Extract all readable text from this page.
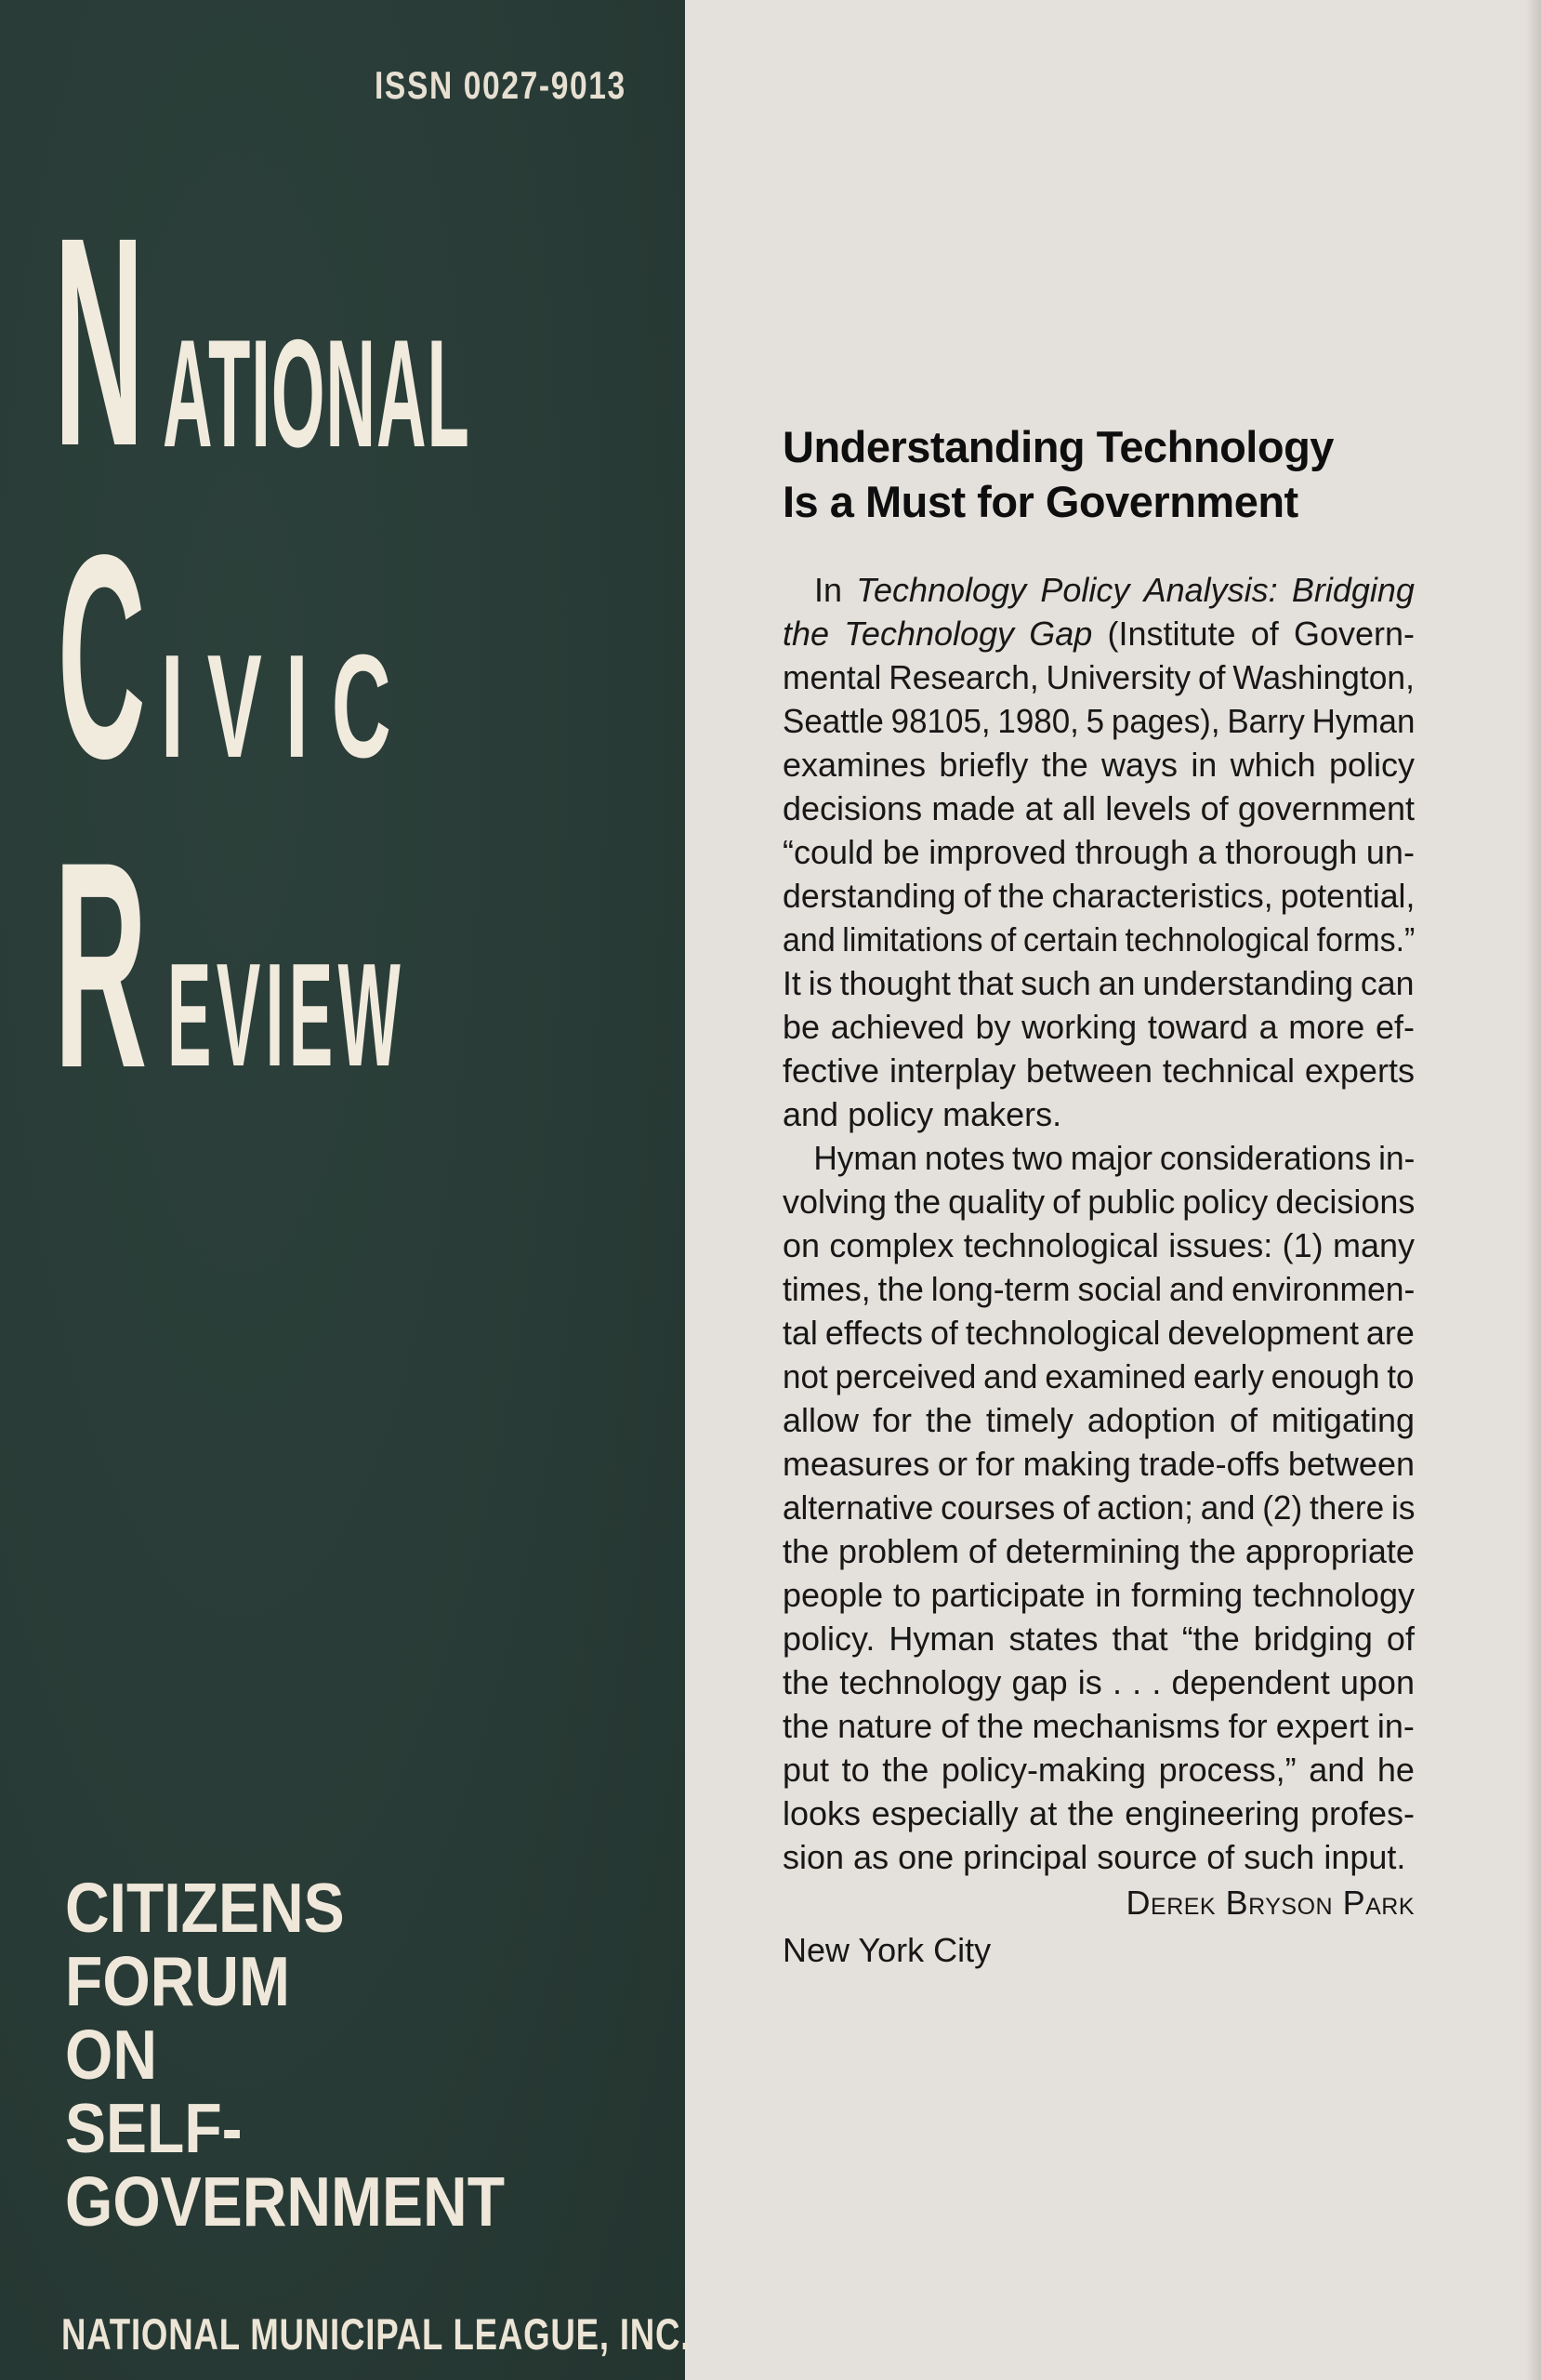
ISSN 0027-9013
N ATIONAL
C IVIC
R EVIEW
CITIZENS
FORUM
ON
SELF-GOVERNMENT
NATIONAL MUNICIPAL LEAGUE, INC.
Understanding Technology
Is a Must for Government
In Technology Policy Analysis: Bridging
the Technology Gap (Institute of Govern-
mental Research, University of Washington,
Seattle 98105, 1980, 5 pages), Barry Hyman
examines briefly the ways in which policy
decisions made at all levels of government
“could be improved through a thorough un-
derstanding of the characteristics, potential,
and limitations of certain technological forms.”
It is thought that such an understanding can
be achieved by working toward a more ef-
fective interplay between technical experts
and policy makers.
Hyman notes two major considerations in-
volving the quality of public policy decisions
on complex technological issues: (1) many
times, the long-term social and environmen-
tal effects of technological development are
not perceived and examined early enough to
allow for the timely adoption of mitigating
measures or for making trade-offs between
alternative courses of action; and (2) there is
the problem of determining the appropriate
people to participate in forming technology
policy. Hyman states that “the bridging of
the technology gap is . . . dependent upon
the nature of the mechanisms for expert in-
put to the policy-making process,” and he
looks especially at the engineering profes-
sion as one principal source of such input.
Derek Bryson Park
New York City
